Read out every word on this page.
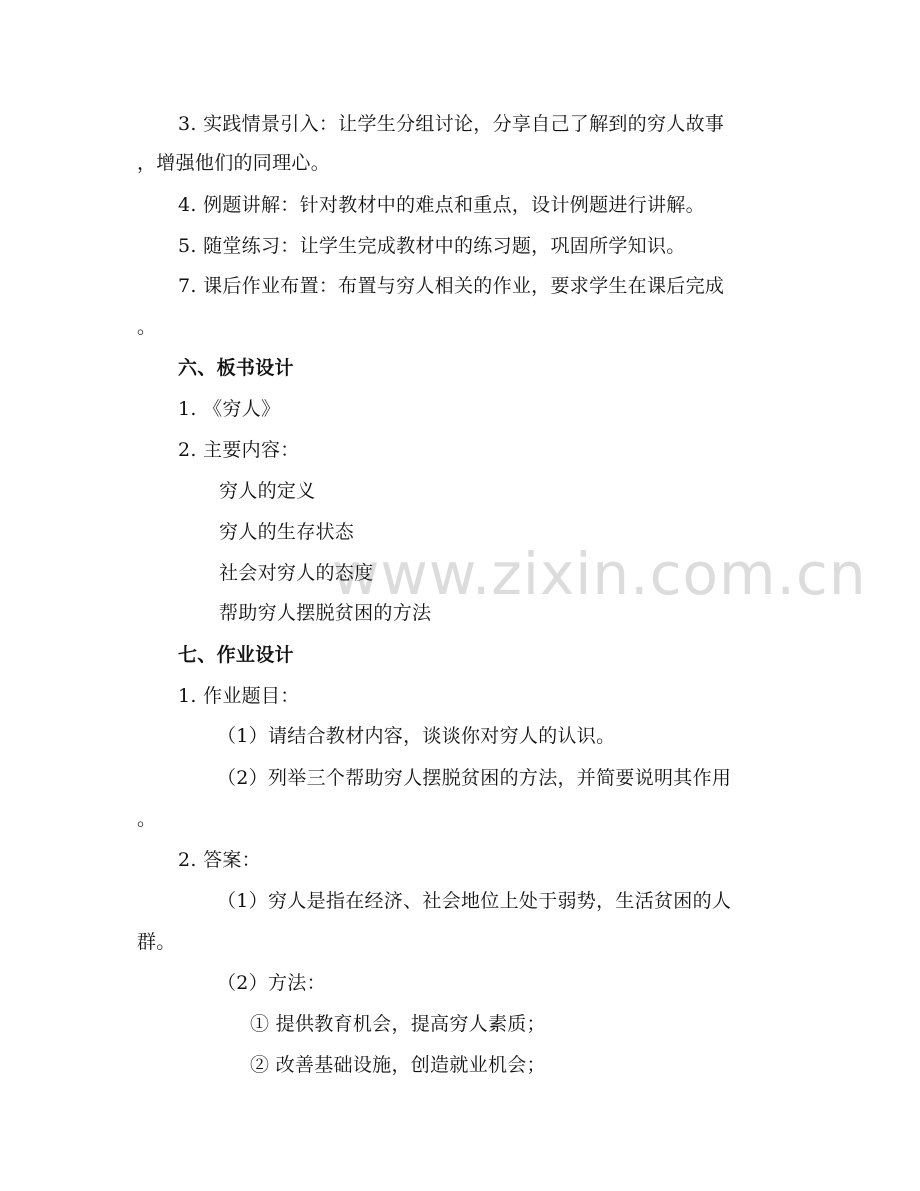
www.zixin.com.cn
3. 实践情景引入：让学生分组讨论，分享自己了解到的穷人故事
，增强他们的同理心。
4. 例题讲解：针对教材中的难点和重点，设计例题进行讲解。
5. 随堂练习：让学生完成教材中的练习题，巩固所学知识。
7. 课后作业布置：布置与穷人相关的作业，要求学生在课后完成
。
六、板书设计
1. 《穷人》
2. 主要内容：
穷人的定义
穷人的生存状态
社会对穷人的态度
帮助穷人摆脱贫困的方法
七、作业设计
1. 作业题目：
（1）请结合教材内容，谈谈你对穷人的认识。
（2）列举三个帮助穷人摆脱贫困的方法，并简要说明其作用
。
2. 答案：
（1）穷人是指在经济、社会地位上处于弱势，生活贫困的人
群。
（2）方法：
① 提供教育机会，提高穷人素质；
② 改善基础设施，创造就业机会；
